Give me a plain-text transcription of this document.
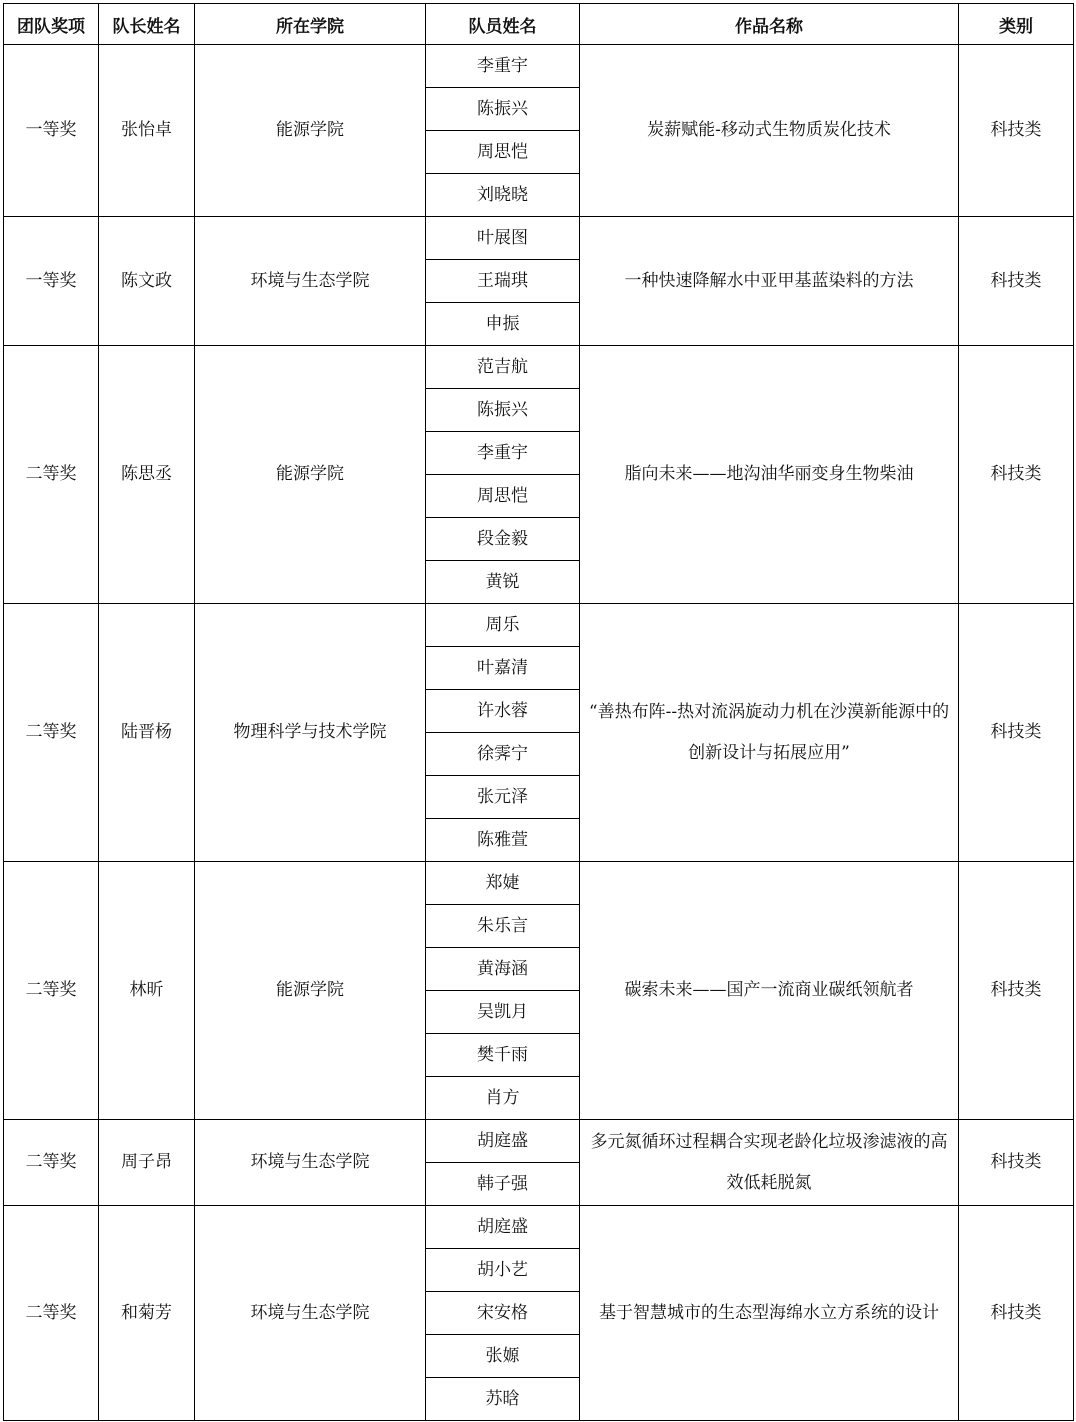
团队奖项	队长姓名	所在学院	队员姓名	作品名称	类别
一等奖	张怡卓	能源学院	李重宇	炭薪赋能-移动式生物质炭化技术	科技类
			陈振兴		
			周思恺		
			刘晓晓		
一等奖	陈文政	环境与生态学院	叶展图	一种快速降解水中亚甲基蓝染料的方法	科技类
			王瑞琪		
			申振		
二等奖	陈思丞	能源学院	范吉航	脂向未来——地沟油华丽变身生物柴油	科技类
			陈振兴		
			李重宇		
			周思恺		
			段金毅		
			黄锐		
二等奖	陆晋杨	物理科学与技术学院	周乐	“善热布阵--热对流涡旋动力机在沙漠新能源中的创新设计与拓展应用”	科技类
			叶嘉清		
			许水蓉		
			徐霁宁		
			张元泽		
			陈雅萱		
二等奖	林昕	能源学院	郑婕	碳索未来——国产一流商业碳纸领航者	科技类
			朱乐言		
			黄海涵		
			吴凯月		
			樊千雨		
			肖方		
二等奖	周子昂	环境与生态学院	胡庭盛	多元氮循环过程耦合实现老龄化垃圾渗滤液的高效低耗脱氮	科技类
			韩子强		
二等奖	和菊芳	环境与生态学院	胡庭盛	基于智慧城市的生态型海绵水立方系统的设计	科技类
			胡小艺		
			宋安格		
			张嫄		
			苏晗		
